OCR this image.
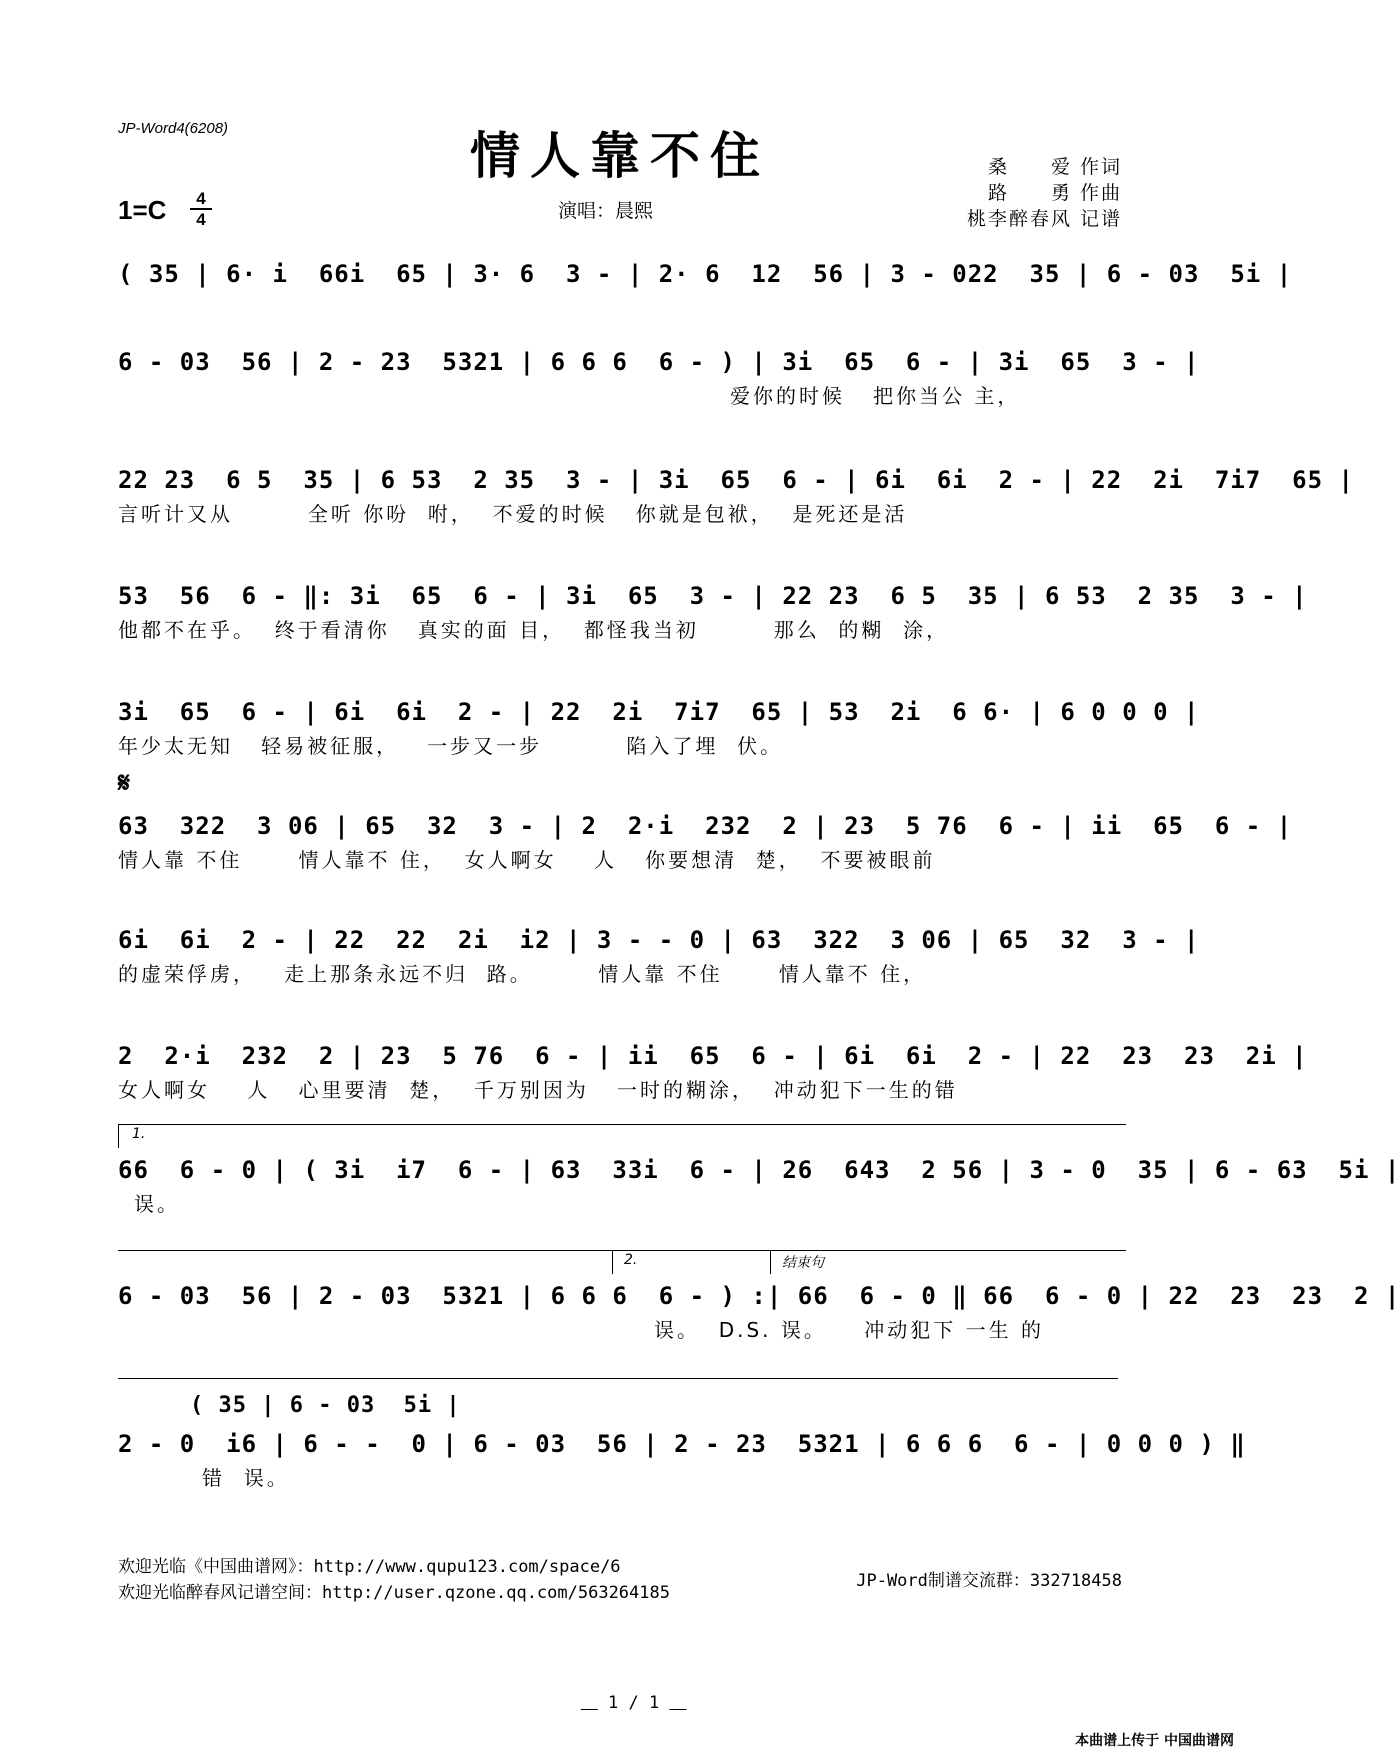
JP-Word4(6208)	情人靠不住
1=C	4
4	演唱：晨熙
桑　　爱 作词
路　　勇 作曲
桃李醉春风 记谱
( 35 | 6· i  66i  65 | 3· 6  3 - | 2· 6  12  56 | 3 - 022  35 | 6 - 03  5i |
6 - 03  56 | 2 - 23  5321 | 6 6 6  6 - ) | 3i  65  6 - | 3i  65  3 - |
爱你的时候   把你当公 主，
22 23  6 5  35 | 6 53  2 35  3 - | 3i  65  6 - | 6i  6i  2 - | 22  2i  7i7  65 |
言听计又从        全听 你吩  咐，  不爱的时候   你就是包袱，  是死还是活
53  56  6 - ‖: 3i  65  6 - | 3i  65  3 - | 22 23  6 5  35 | 6 53  2 35  3 - |
他都不在乎。  终于看清你   真实的面 目，  都怪我当初        那么  的糊  涂，
3i  65  6 - | 6i  6i  2 - | 22  2i  7i7  65 | 53  2i  6 6· | 6 0 0 0 |
年少太无知   轻易被征服，   一步又一步         陷入了埋  伏。
𝄋
63  322  3 06 | 65  32  3 - | 2  2·i  232  2 | 23  5 76  6 - | ii  65  6 - |
情人靠 不住      情人靠不 住，  女人啊女    人   你要想清  楚，  不要被眼前
6i  6i  2 - | 22  22  2i  i2 | 3 - - 0 | 63  322  3 06 | 65  32  3 - |
的虚荣俘虏，   走上那条永远不归  路。       情人靠 不住      情人靠不 住，
2  2·i  232  2 | 23  5 76  6 - | ii  65  6 - | 6i  6i  2 - | 22  23  23  2i |
女人啊女    人   心里要清  楚，  千万别因为   一时的糊涂，  冲动犯下一生的错
1.
66  6 - 0 | ( 3i  i7  6 - | 63  33i  6 - | 26  643  2 56 | 3 - 0  35 | 6 - 63  5i |
误。
2.	结束句
6 - 03  56 | 2 - 03  5321 | 6 6 6  6 - ) :| 66  6 - 0 ‖ 66  6 - 0 | 22  23  23  2 |
误。  D.S. 误。    冲动犯下 一生 的
( 35 | 6 - 03  5i |
2 - 0  i6 | 6 - -  0 | 6 - 03  56 | 2 - 23  5321 | 6 6 6  6 - | 0 0 0 ) ‖
错  误。
欢迎光临《中国曲谱网》：http://www.qupu123.com/space/6
欢迎光临醉春风记谱空间：http://user.qzone.qq.com/563264185
JP-Word制谱交流群：332718458
　 1 / 1 　
本曲谱上传于 中国曲谱网
